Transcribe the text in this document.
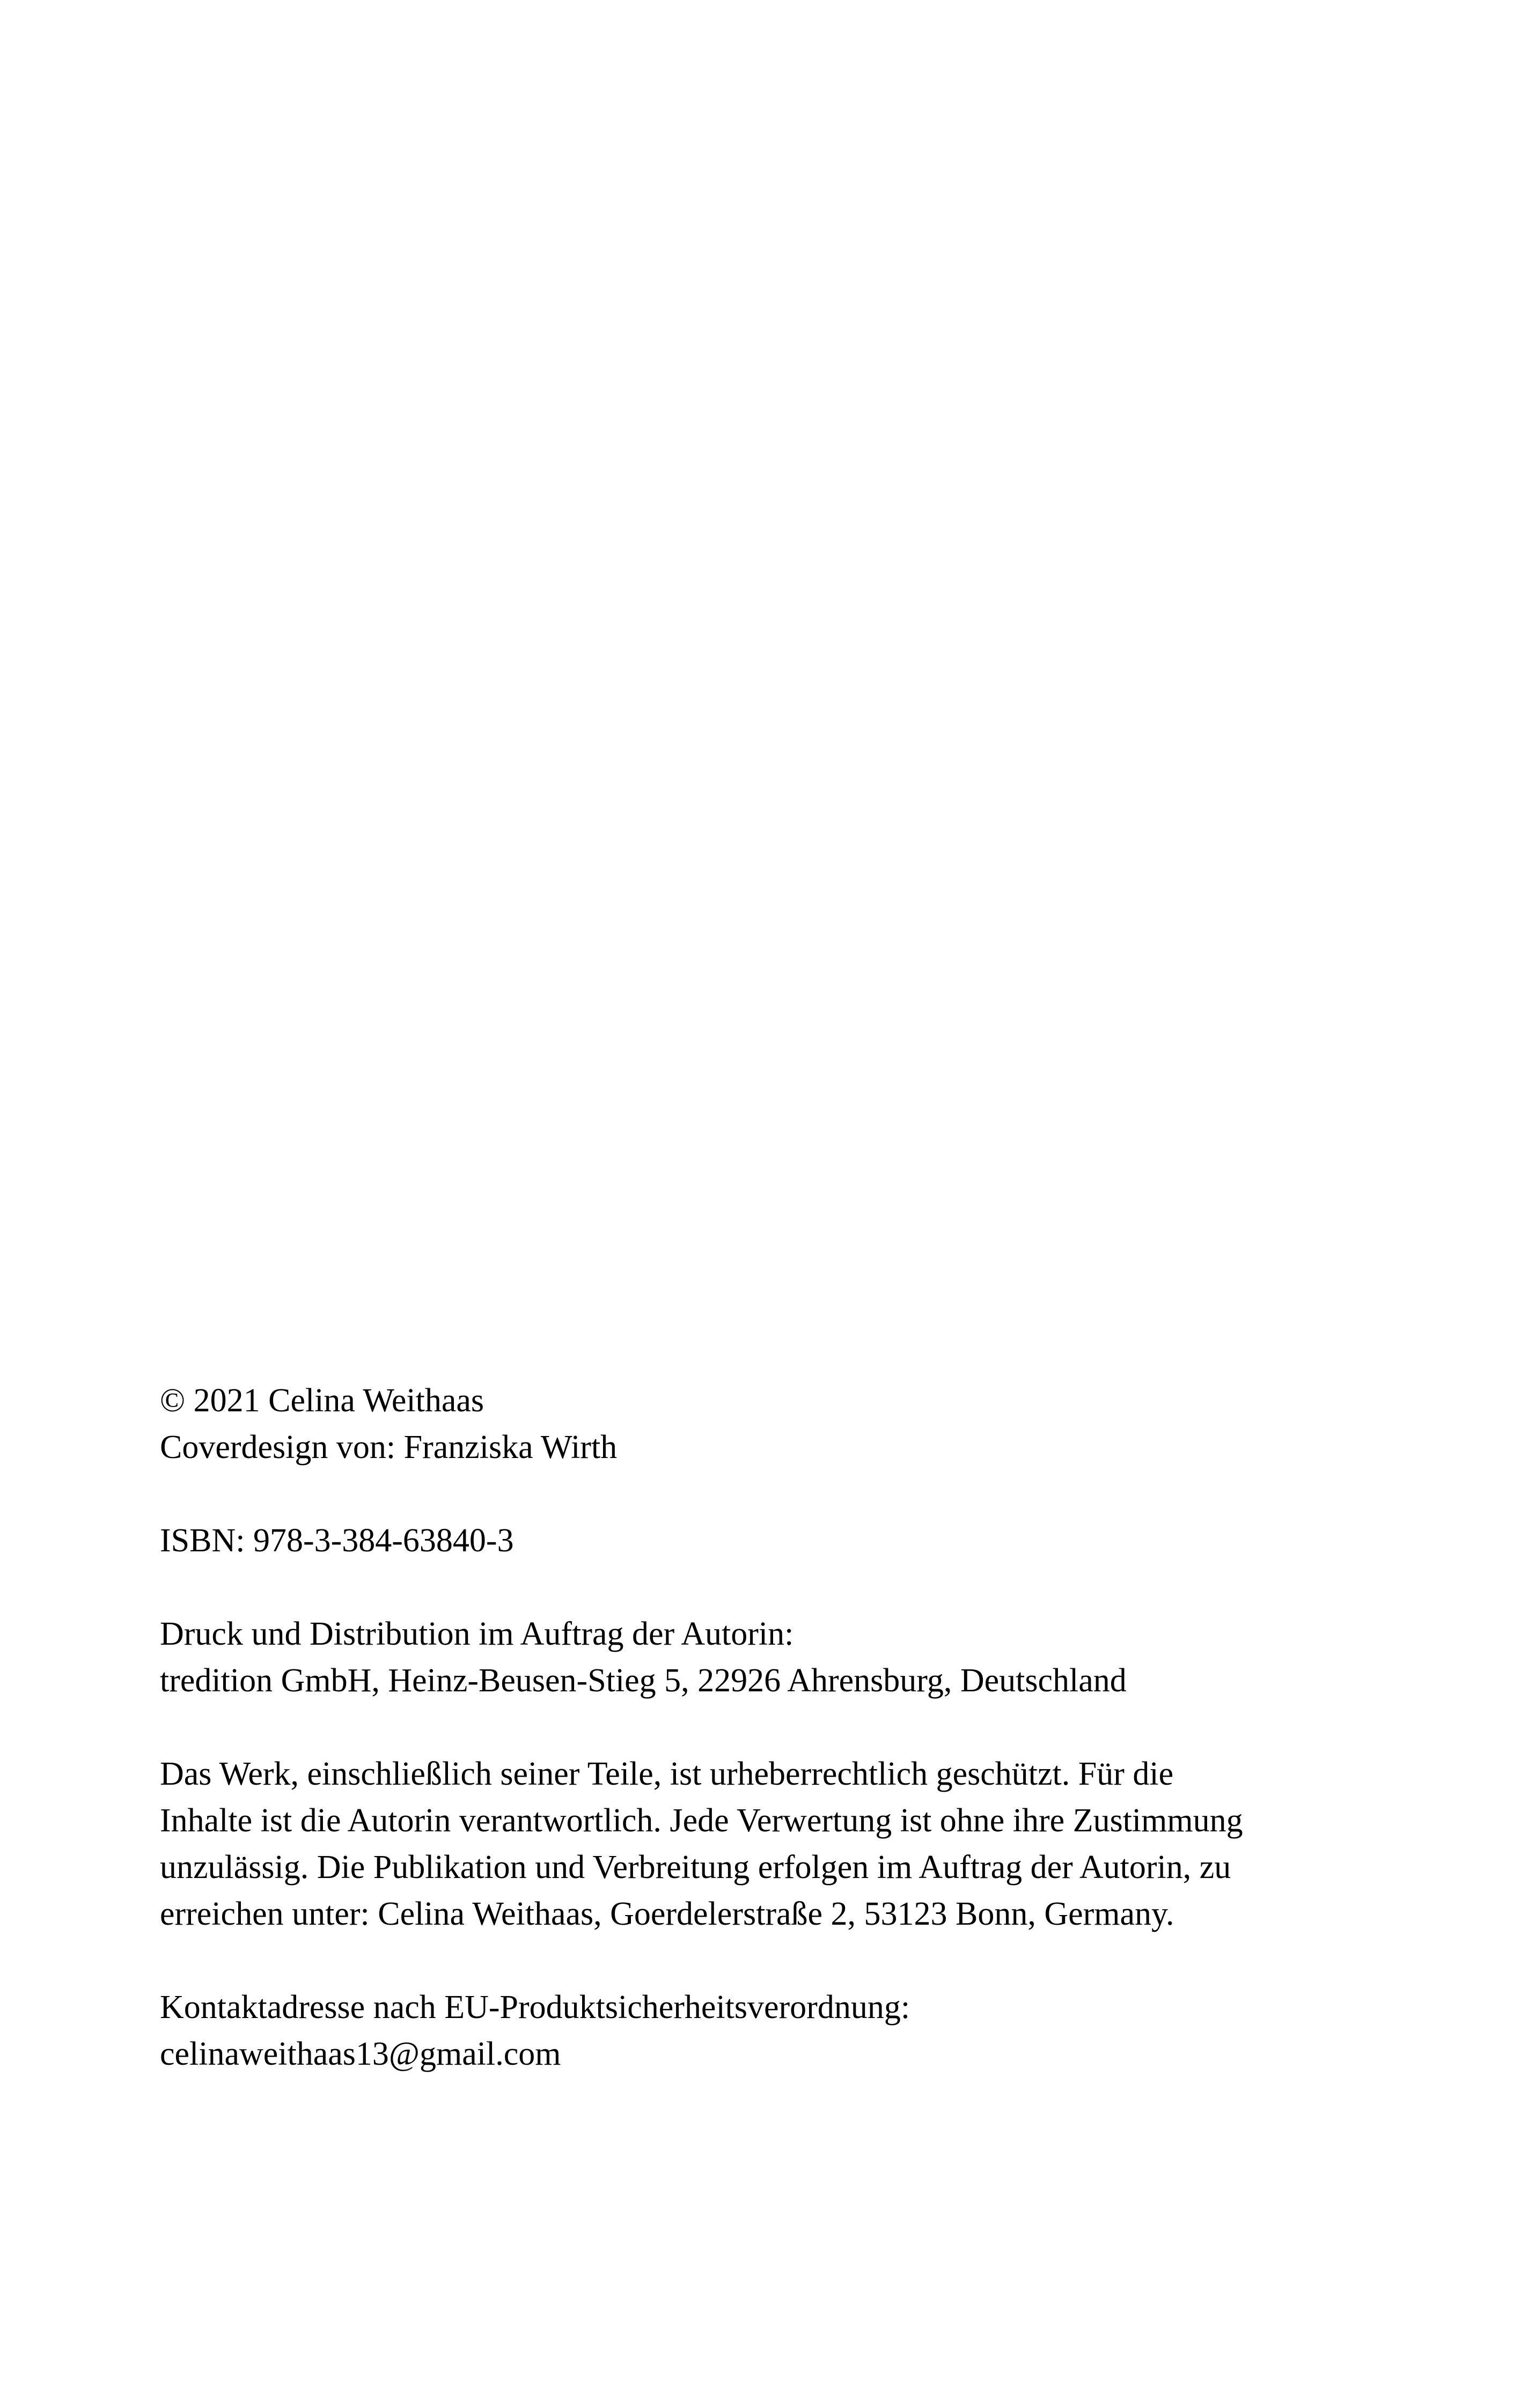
© 2021 Celina Weithaas
Coverdesign von: Franziska Wirth
ISBN: 978-3-384-63840-3
Druck und Distribution im Auftrag der Autorin:
tredition GmbH, Heinz-Beusen-Stieg 5, 22926 Ahrensburg, Deutschland
Das Werk, einschließlich seiner Teile, ist urheberrechtlich geschützt. Für die
Inhalte ist die Autorin verantwortlich. Jede Verwertung ist ohne ihre Zustimmung
unzulässig. Die Publikation und Verbreitung erfolgen im Auftrag der Autorin, zu
erreichen unter: Celina Weithaas, Goerdelerstraße 2, 53123 Bonn, Germany.
Kontaktadresse nach EU-Produktsicherheitsverordnung:
celinaweithaas13@gmail.com
